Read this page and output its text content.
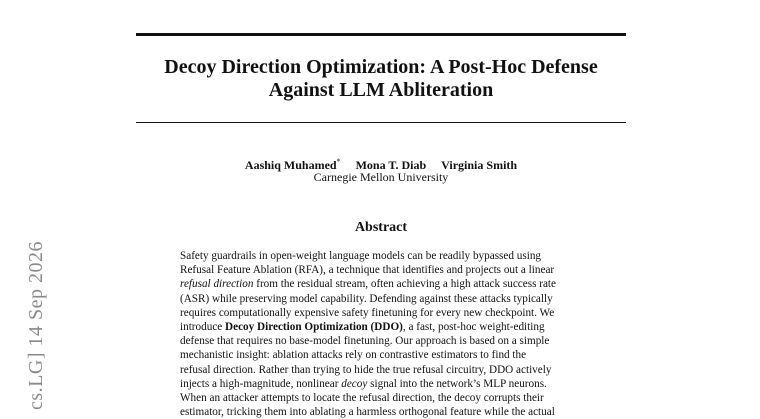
Decoy Direction Optimization: A Post-Hoc Defense
Against LLM Abliteration
Aashiq Muhamed* Mona T. Diab Virginia Smith
Carnegie Mellon University
Abstract
Safety guardrails in open-weight language models can be readily bypassed using
Refusal Feature Ablation (RFA), a technique that identifies and projects out a linear
refusal direction from the residual stream, often achieving a high attack success rate
(ASR) while preserving model capability. Defending against these attacks typically
requires computationally expensive safety finetuning for every new checkpoint. We
introduce Decoy Direction Optimization (DDO), a fast, post-hoc weight-editing
defense that requires no base-model finetuning. Our approach is based on a simple
mechanistic insight: ablation attacks rely on contrastive estimators to find the
refusal direction. Rather than trying to hide the true refusal circuitry, DDO actively
injects a high-magnitude, nonlinear decoy signal into the network’s MLP neurons.
When an attacker attempts to locate the refusal direction, the decoy corrupts their
estimator, tricking them into ablating a harmless orthogonal feature while the actual
cs.LG] 14 Sep 2026
